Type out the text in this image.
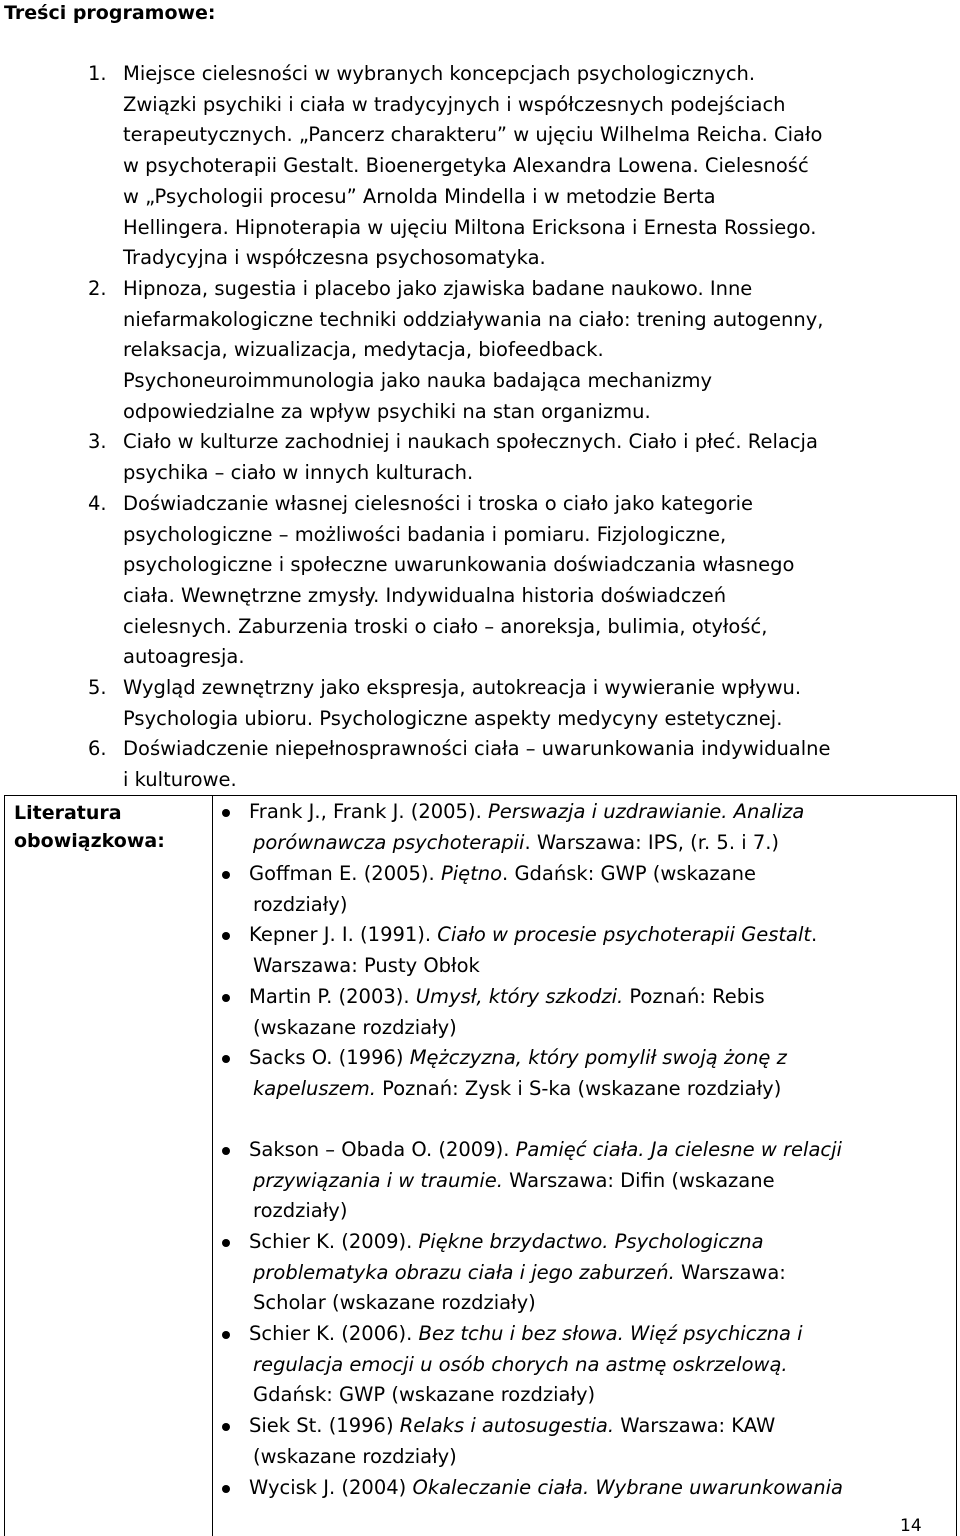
Treści programowe:
1. Miejsce cielesności w wybranych koncepcjach psychologicznych.
Związki psychiki i ciała w tradycyjnych i współczesnych podejściach
terapeutycznych. „Pancerz charakteru” w ujęciu Wilhelma Reicha. Ciało
w psychoterapii Gestalt. Bioenergetyka Alexandra Lowena. Cielesność
w „Psychologii procesu” Arnolda Mindella i w metodzie Berta
Hellingera. Hipnoterapia w ujęciu Miltona Ericksona i Ernesta Rossiego.
Tradycyjna i współczesna psychosomatyka.
2. Hipnoza, sugestia i placebo jako zjawiska badane naukowo. Inne
niefarmakologiczne techniki oddziaływania na ciało: trening autogenny,
relaksacja, wizualizacja, medytacja, biofeedback.
Psychoneuroimmunologia jako nauka badająca mechanizmy
odpowiedzialne za wpływ psychiki na stan organizmu.
3. Ciało w kulturze zachodniej i naukach społecznych. Ciało i płeć. Relacja
psychika – ciało w innych kulturach.
4. Doświadczanie własnej cielesności i troska o ciało jako kategorie
psychologiczne – możliwości badania i pomiaru. Fizjologiczne,
psychologiczne i społeczne uwarunkowania doświadczania własnego
ciała. Wewnętrzne zmysły. Indywidualna historia doświadczeń
cielesnych. Zaburzenia troski o ciało – anoreksja, bulimia, otyłość,
autoagresja.
5. Wygląd zewnętrzny jako ekspresja, autokreacja i wywieranie wpływu.
Psychologia ubioru. Psychologiczne aspekty medycyny estetycznej.
6. Doświadczenie niepełnosprawności ciała – uwarunkowania indywidualne
i kulturowe.
Literatura
obowiązkowa:
Frank J., Frank J. (2005). Perswazja i uzdrawianie. Analiza
porównawcza psychoterapii. Warszawa: IPS, (r. 5. i 7.)
Goffman E. (2005). Piętno. Gdańsk: GWP (wskazane
rozdziały)
Kepner J. I. (1991). Ciało w procesie psychoterapii Gestalt.
Warszawa: Pusty Obłok
Martin P. (2003). Umysł, który szkodzi. Poznań: Rebis
(wskazane rozdziały)
Sacks O. (1996) Mężczyzna, który pomylił swoją żonę z
kapeluszem. Poznań: Zysk i S-ka (wskazane rozdziały)
Sakson – Obada O. (2009). Pamięć ciała. Ja cielesne w relacji
przywiązania i w traumie. Warszawa: Difin (wskazane
rozdziały)
Schier K. (2009). Piękne brzydactwo. Psychologiczna
problematyka obrazu ciała i jego zaburzeń. Warszawa:
Scholar (wskazane rozdziały)
Schier K. (2006). Bez tchu i bez słowa. Więź psychiczna i
regulacja emocji u osób chorych na astmę oskrzelową.
Gdańsk: GWP (wskazane rozdziały)
Siek St. (1996) Relaks i autosugestia. Warszawa: KAW
(wskazane rozdziały)
Wycisk J. (2004) Okaleczanie ciała. Wybrane uwarunkowania
14
